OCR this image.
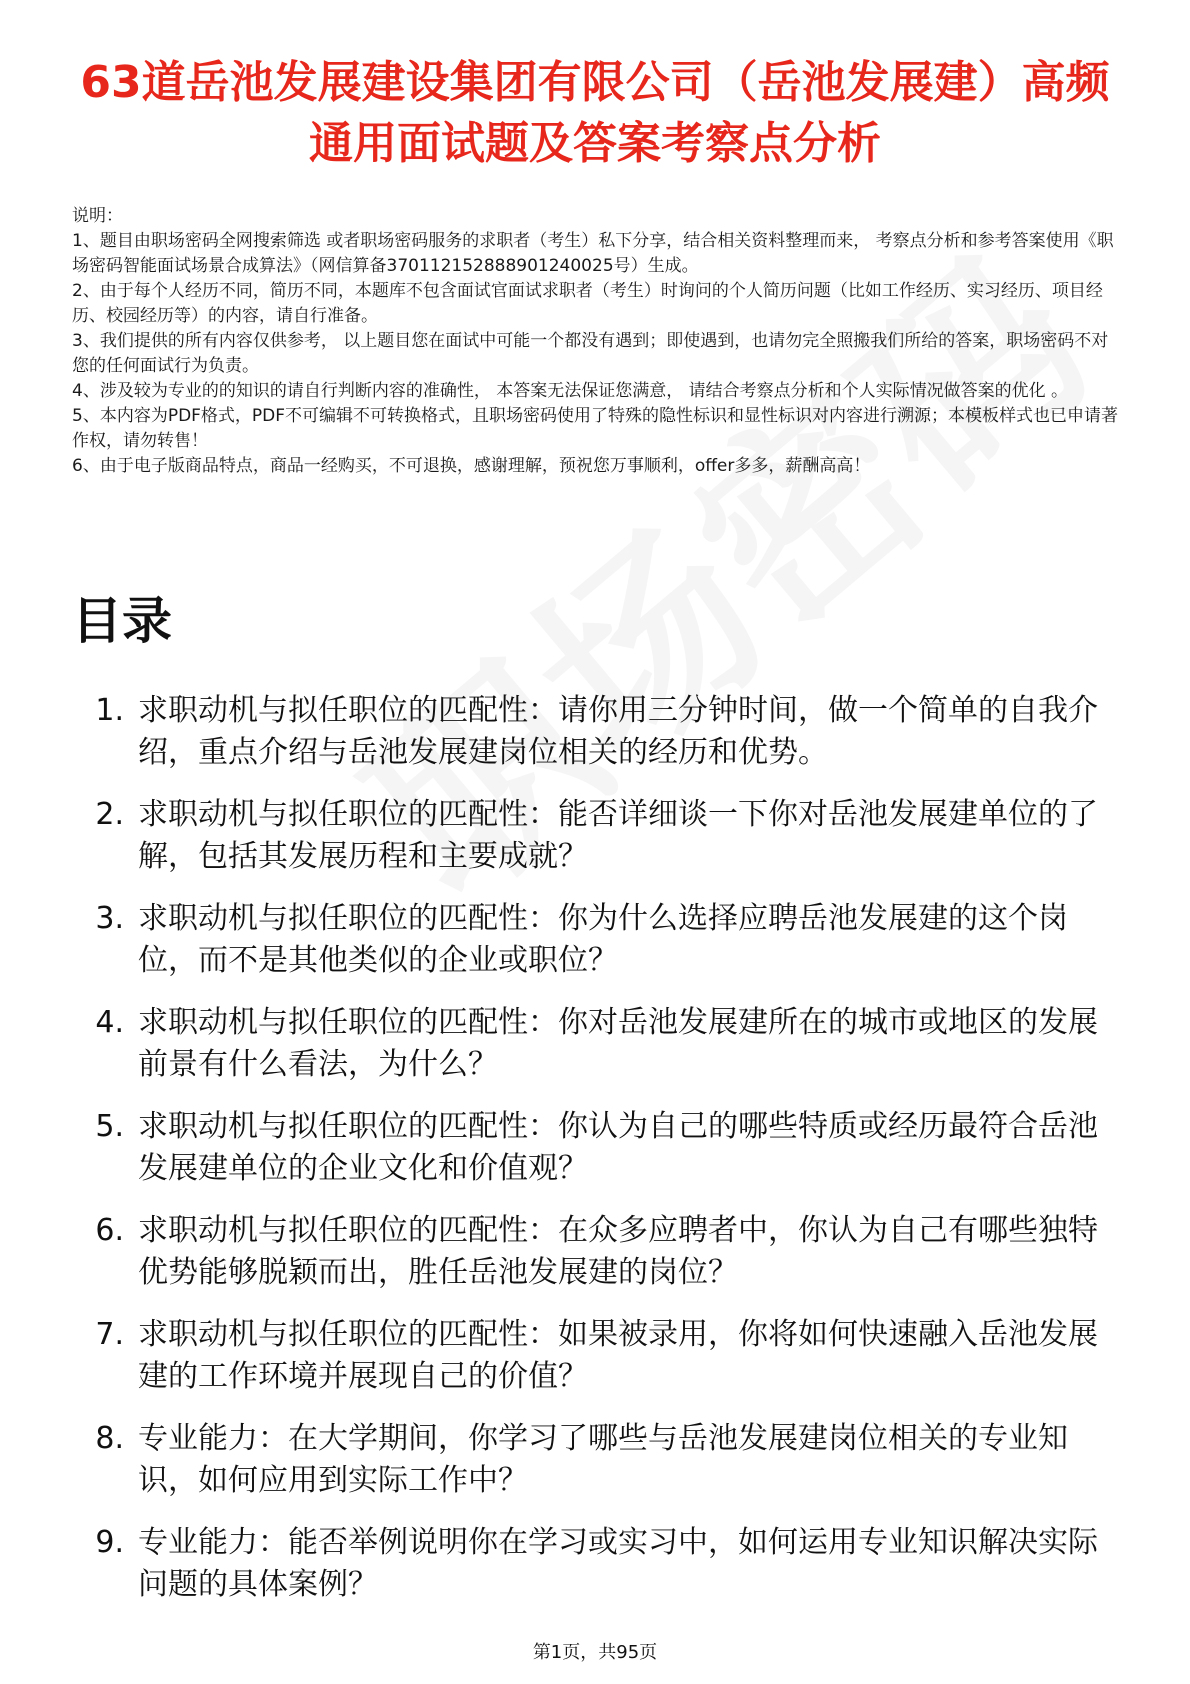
63道岳池发展建设集团有限公司（岳池发展建）高频通用面试题及答案考察点分析

说明：

1、题目由职场密码全网搜索筛选 或者职场密码服务的求职者（考生）私下分享，结合相关资料整理而来， 考察点分析和参考答案使用《职场密码智能面试场景合成算法》（网信算备370112152888901240025号）生成。

2、由于每个人经历不同，简历不同，本题库不包含面试官面试求职者（考生）时询问的个人简历问题（比如工作经历、实习经历、项目经历、校园经历等）的内容，请自行准备。

3、我们提供的所有内容仅供参考， 以上题目您在面试中可能一个都没有遇到；即使遇到，也请勿完全照搬我们所给的答案，职场密码不对您的任何面试行为负责。

4、涉及较为专业的的知识的请自行判断内容的准确性， 本答案无法保证您满意， 请结合考察点分析和个人实际情况做答案的优化 。

5、本内容为PDF格式，PDF不可编辑不可转换格式，且职场密码使用了特殊的隐性标识和显性标识对内容进行溯源；本模板样式也已申请著作权，请勿转售！

6、由于电子版商品特点，商品一经购买，不可退换，感谢理解，预祝您万事顺利，offer多多，薪酬高高！

目录
1. 求职动机与拟任职位的匹配性：请你用三分钟时间，做一个简单的自我介绍，重点介绍与岳池发展建岗位相关的经历和优势。
2. 求职动机与拟任职位的匹配性：能否详细谈一下你对岳池发展建单位的了解，包括其发展历程和主要成就？
3. 求职动机与拟任职位的匹配性：你为什么选择应聘岳池发展建的这个岗位，而不是其他类似的企业或职位？
4. 求职动机与拟任职位的匹配性：你对岳池发展建所在的城市或地区的发展前景有什么看法，为什么？
5. 求职动机与拟任职位的匹配性：你认为自己的哪些特质或经历最符合岳池发展建单位的企业文化和价值观？
6. 求职动机与拟任职位的匹配性：在众多应聘者中，你认为自己有哪些独特优势能够脱颖而出，胜任岳池发展建的岗位？
7. 求职动机与拟任职位的匹配性：如果被录用，你将如何快速融入岳池发展建的工作环境并展现自己的价值？
8. 专业能力：在大学期间，你学习了哪些与岳池发展建岗位相关的专业知识，如何应用到实际工作中？
9. 专业能力：能否举例说明你在学习或实习中，如何运用专业知识解决实际问题的具体案例？
第1页，共95页
